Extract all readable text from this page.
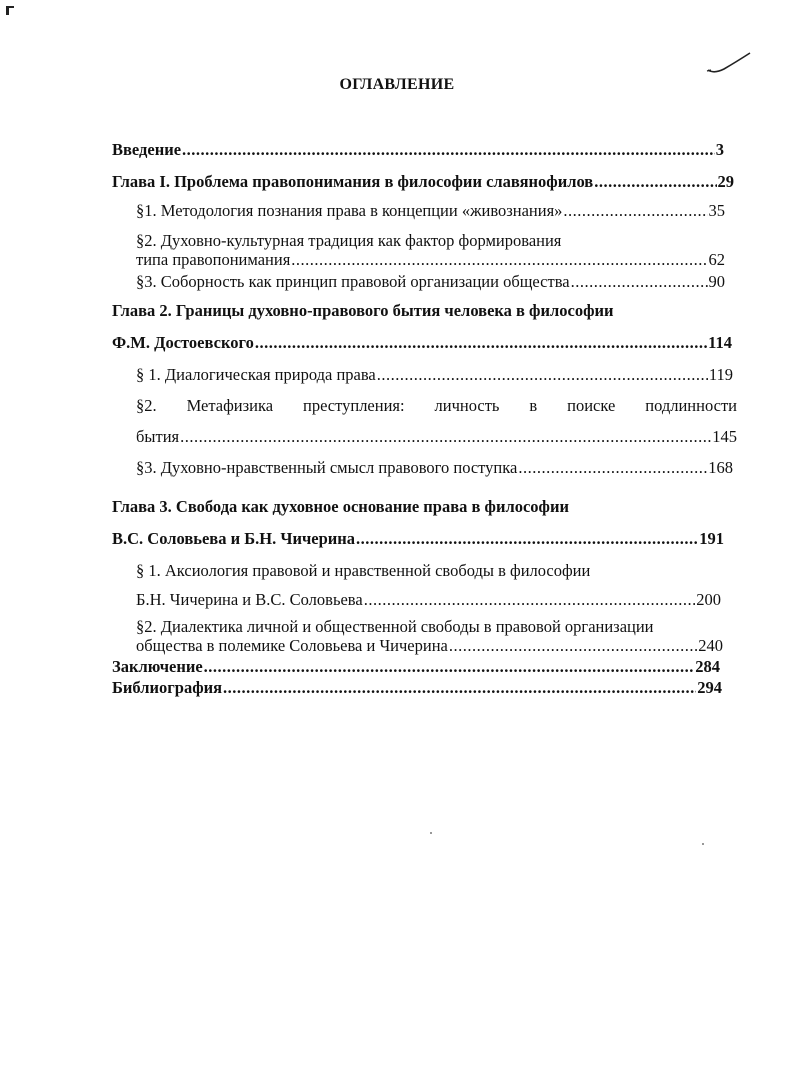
ОГЛАВЛЕНИЕ
Введение .....	3
Глава I. Проблема правопонимания в философии славянофилов .....	29
§1. Методология познания права в концепции «живознания» .....	35
§2. Духовно-культурная традиция как фактор формирования
типа правопонимания .....	62
§3. Соборность как принцип правовой организации общества .....	90
Глава 2. Границы духовно-правового бытия человека в философии
Ф.М. Достоевского .....	114
§ 1. Диалогическая природа права .....	119
§2. Метафизика преступления: личность в поиске подлинности
бытия .....	145
§3. Духовно-нравственный смысл правового поступка .....	168
Глава 3. Свобода как духовное основание права в философии
В.С. Соловьева и Б.Н. Чичерина .....	191
§ 1. Аксиология правовой и нравственной свободы в философии
Б.Н. Чичерина и В.С. Соловьева .....	200
§2. Диалектика личной и общественной свободы в правовой организации
общества в полемике Соловьева и Чичерина .....	240
Заключение .....	284
Библиография .....	294
